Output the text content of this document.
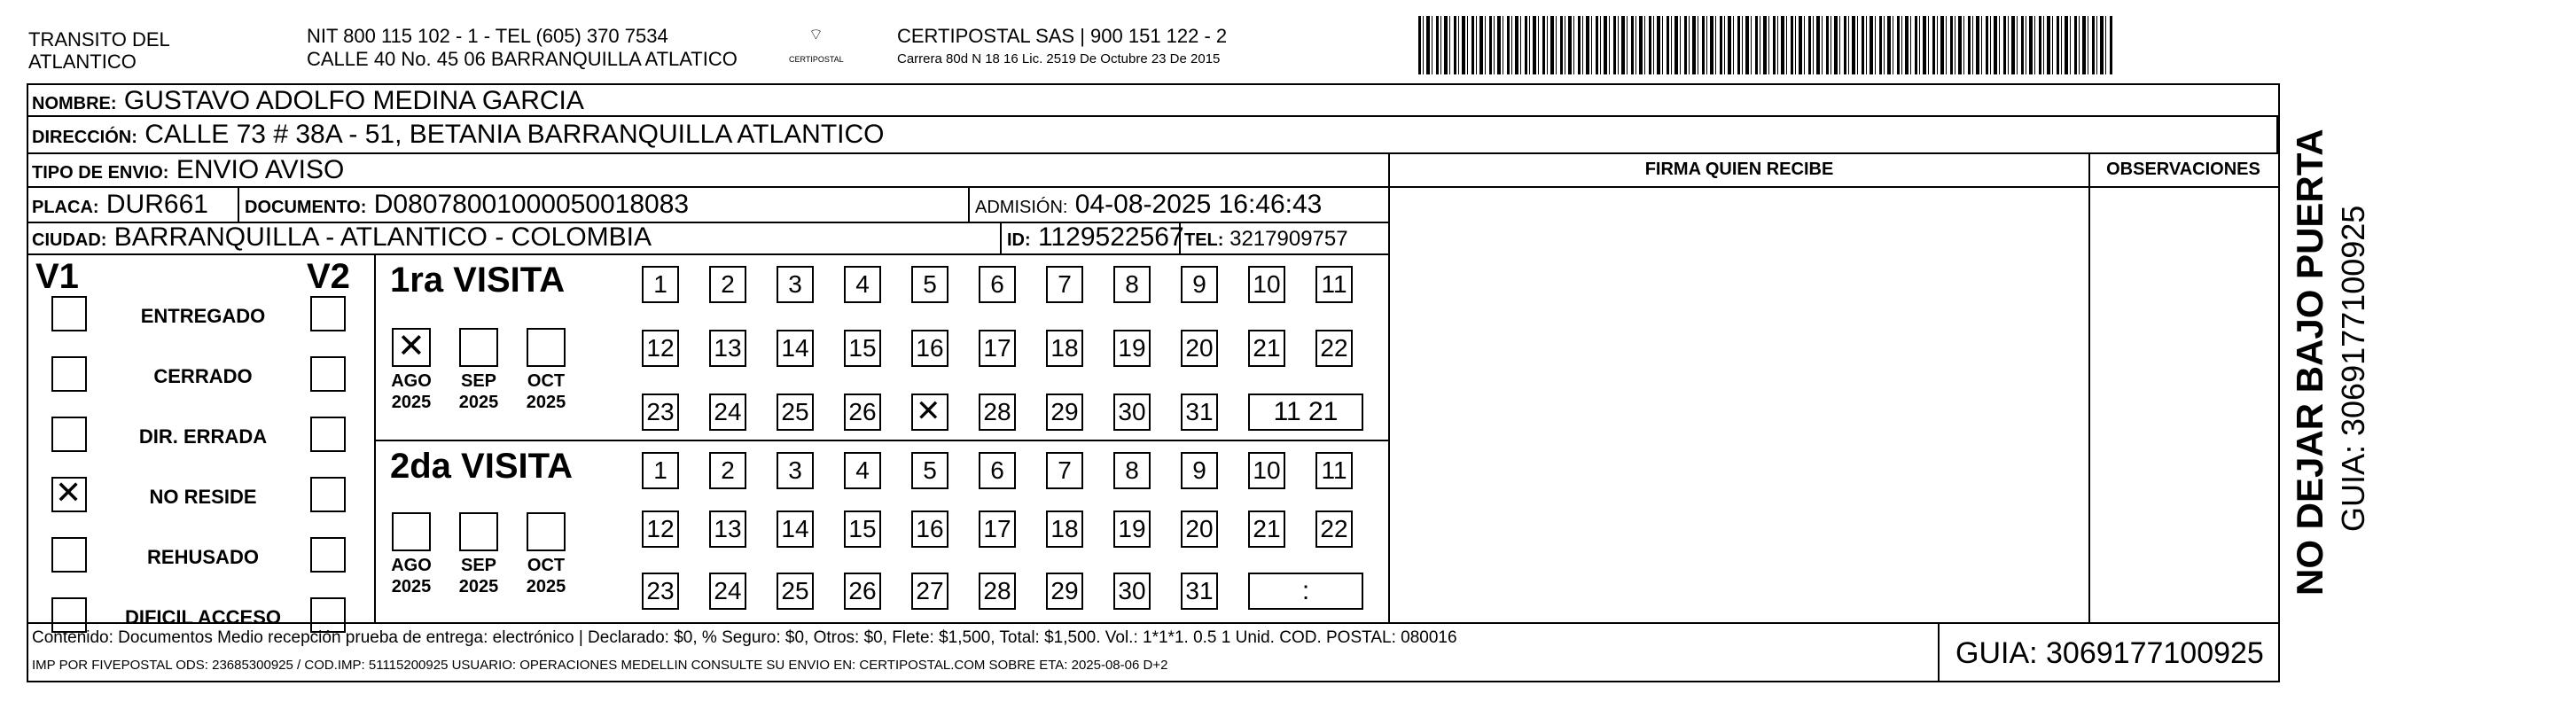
TRANSITO DEL
ATLANTICO
NIT 800 115 102 - 1 - TEL (605) 370 7534
CALLE 40 No. 45 06 BARRANQUILLA ATLATICO
⌔
CERTIPOSTAL
CERTIPOSTAL SAS | 900 151 122 - 2
Carrera 80d N 18 16 Lic. 2519 De Octubre 23 De 2015
NOMBRE: GUSTAVO ADOLFO MEDINA GARCIA
DIRECCIÓN: CALLE 73 # 38A - 51, BETANIA BARRANQUILLA ATLANTICO
TIPO DE ENVIO: ENVIO AVISO
PLACA: DUR661 DOCUMENTO: D08078001000050018083	ADMISIÓN: 04-08-2025 16:46:43
CIUDAD: BARRANQUILLA - ATLANTICO - COLOMBIA	ID: 1129522567 TEL: 3217909757
FIRMA QUIEN RECIBE	OBSERVACIONES
V1	V2
ENTREGADO
CERRADO
DIR. ERRADA
✕
NO RESIDE
REHUSADO
DIFICIL ACCESO
1ra VISITA
2da VISITA
✕
AGO
2025
SEP
2025
OCT
2025
1	2	3	4	5	6	7	8	9	10 11
12 13 14 15 16 17 18 19 20 21 22
23 24 25 26
✕	28 29 30 31	11 21
AGO
2025
SEP
2025
OCT
2025
1	2	3	4	5	6	7	8	9	10 11
12 13 14 15 16 17 18 19 20 21 22
23 24 25 26 27 28 29 30 31	:
Contenido: Documentos Medio recepción prueba de entrega: electrónico | Declarado: $0, % Seguro: $0, Otros: $0, Flete: $1,500, Total: $1,500. Vol.: 1*1*1. 0.5 1 Unid. COD. POSTAL: 080016
IMP POR FIVEPOSTAL ODS: 23685300925 / COD.IMP: 51115200925 USUARIO: OPERACIONES MEDELLIN CONSULTE SU ENVIO EN: CERTIPOSTAL.COM SOBRE ETA: 2025-08-06 D+2	GUIA: 3069177100925
NO DEJAR BAJO PUERTA GUIA: 3069177100925
